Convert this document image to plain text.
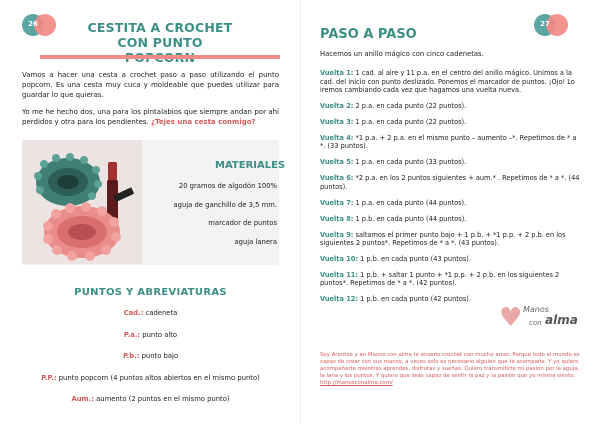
26	CESTITA A CROCHET
CON PUNTO

Vamos a hacer una cesta a crochet paso a paso utilizando el punto popcorn. Es una cesta muy cuca y moldeable que puedes utilizar para guardar lo que quieras.

Yo me he hecho dos, una para los pintalabios que siempre andan por ahí perdidos y otra para los pendientes. ¿Tejes una cesta conmigo?

MATERIALES
20 gramos de algodón 100%
aguja de ganchillo de 3,5 mm.
marcador de puntos
aguja lanera
PUNTOS Y ABREVIATURAS
Cad.: cadeneta
P.a.: punto alto
P.b.: punto bajo
P.P.: punto popcorn (4 puntos altos abiertos en el mismo punto)
Aum.: aumento (2 puntos en el mismo punto)
27
PASO A PASO
Hacemos un anillo mágico con cinco cadenetas.
Vuelta 1: 1 cad. al aire y 11 p.a. en el centro del anillo mágico. Unimos a la cad. del inicio con punto deslizado. Ponemos el marcador de puntos. ¡Ojo! Lo iremos cambiando cada vez que hagamos una vuelta nueva.
Vuelta 2: 2 p.a. en cada punto (22 puntos).
Vuelta 3: 1 p.a. en cada punto (22 puntos).
Vuelta 4: *1 p.a. + 2 p.a. en el mismo punto – aumento –*. Repetimos de * a *. (33 puntos).
Vuelta 5: 1 p.a. en cada punto (33 puntos).
Vuelta 6: *2 p.a. en los 2 puntos siguientes + aum.* . Repetimos de * a *. (44 puntos).
Vuelta 7: 1 p.a. en cada punto (44 puntos).
Vuelta 8: 1 p.b. en cada punto (44 puntos).
Vuelta 9: saltamos el primer punto bajo + 1 p.b. + *1 p.p. + 2 p.b. en los siguientes 2 puntos*. Repetimos de * a *. (43 puntos).
Vuelta 10: 1 p.b. en cada punto (43 puntos).
Vuelta 11: 1 p.b. + saltar 1 punto + *1 p.p. + 2 p.b. en los siguientes 2 puntos*. Repetimos de * a *. (42 puntos).
Vuelta 12: 1 p.b. en cada punto (42 puntos).
♥ Manos
con alma
Soy Arantxa y en Manos con alma te enseño crochet con mucho amor. Porque todo el mundo es capaz de crear con sus manos, a veces solo es necesario alguien que te acompañe. Y yo quiero acompañarte mientras aprendes, disfrutas y sueñas. Quiero transmitirte mi pasión por la aguja, la lana y los puntos. Y quiero que seas capaz de sentir la paz y la pasión que yo misma siento.
http://manosconalma.com/
